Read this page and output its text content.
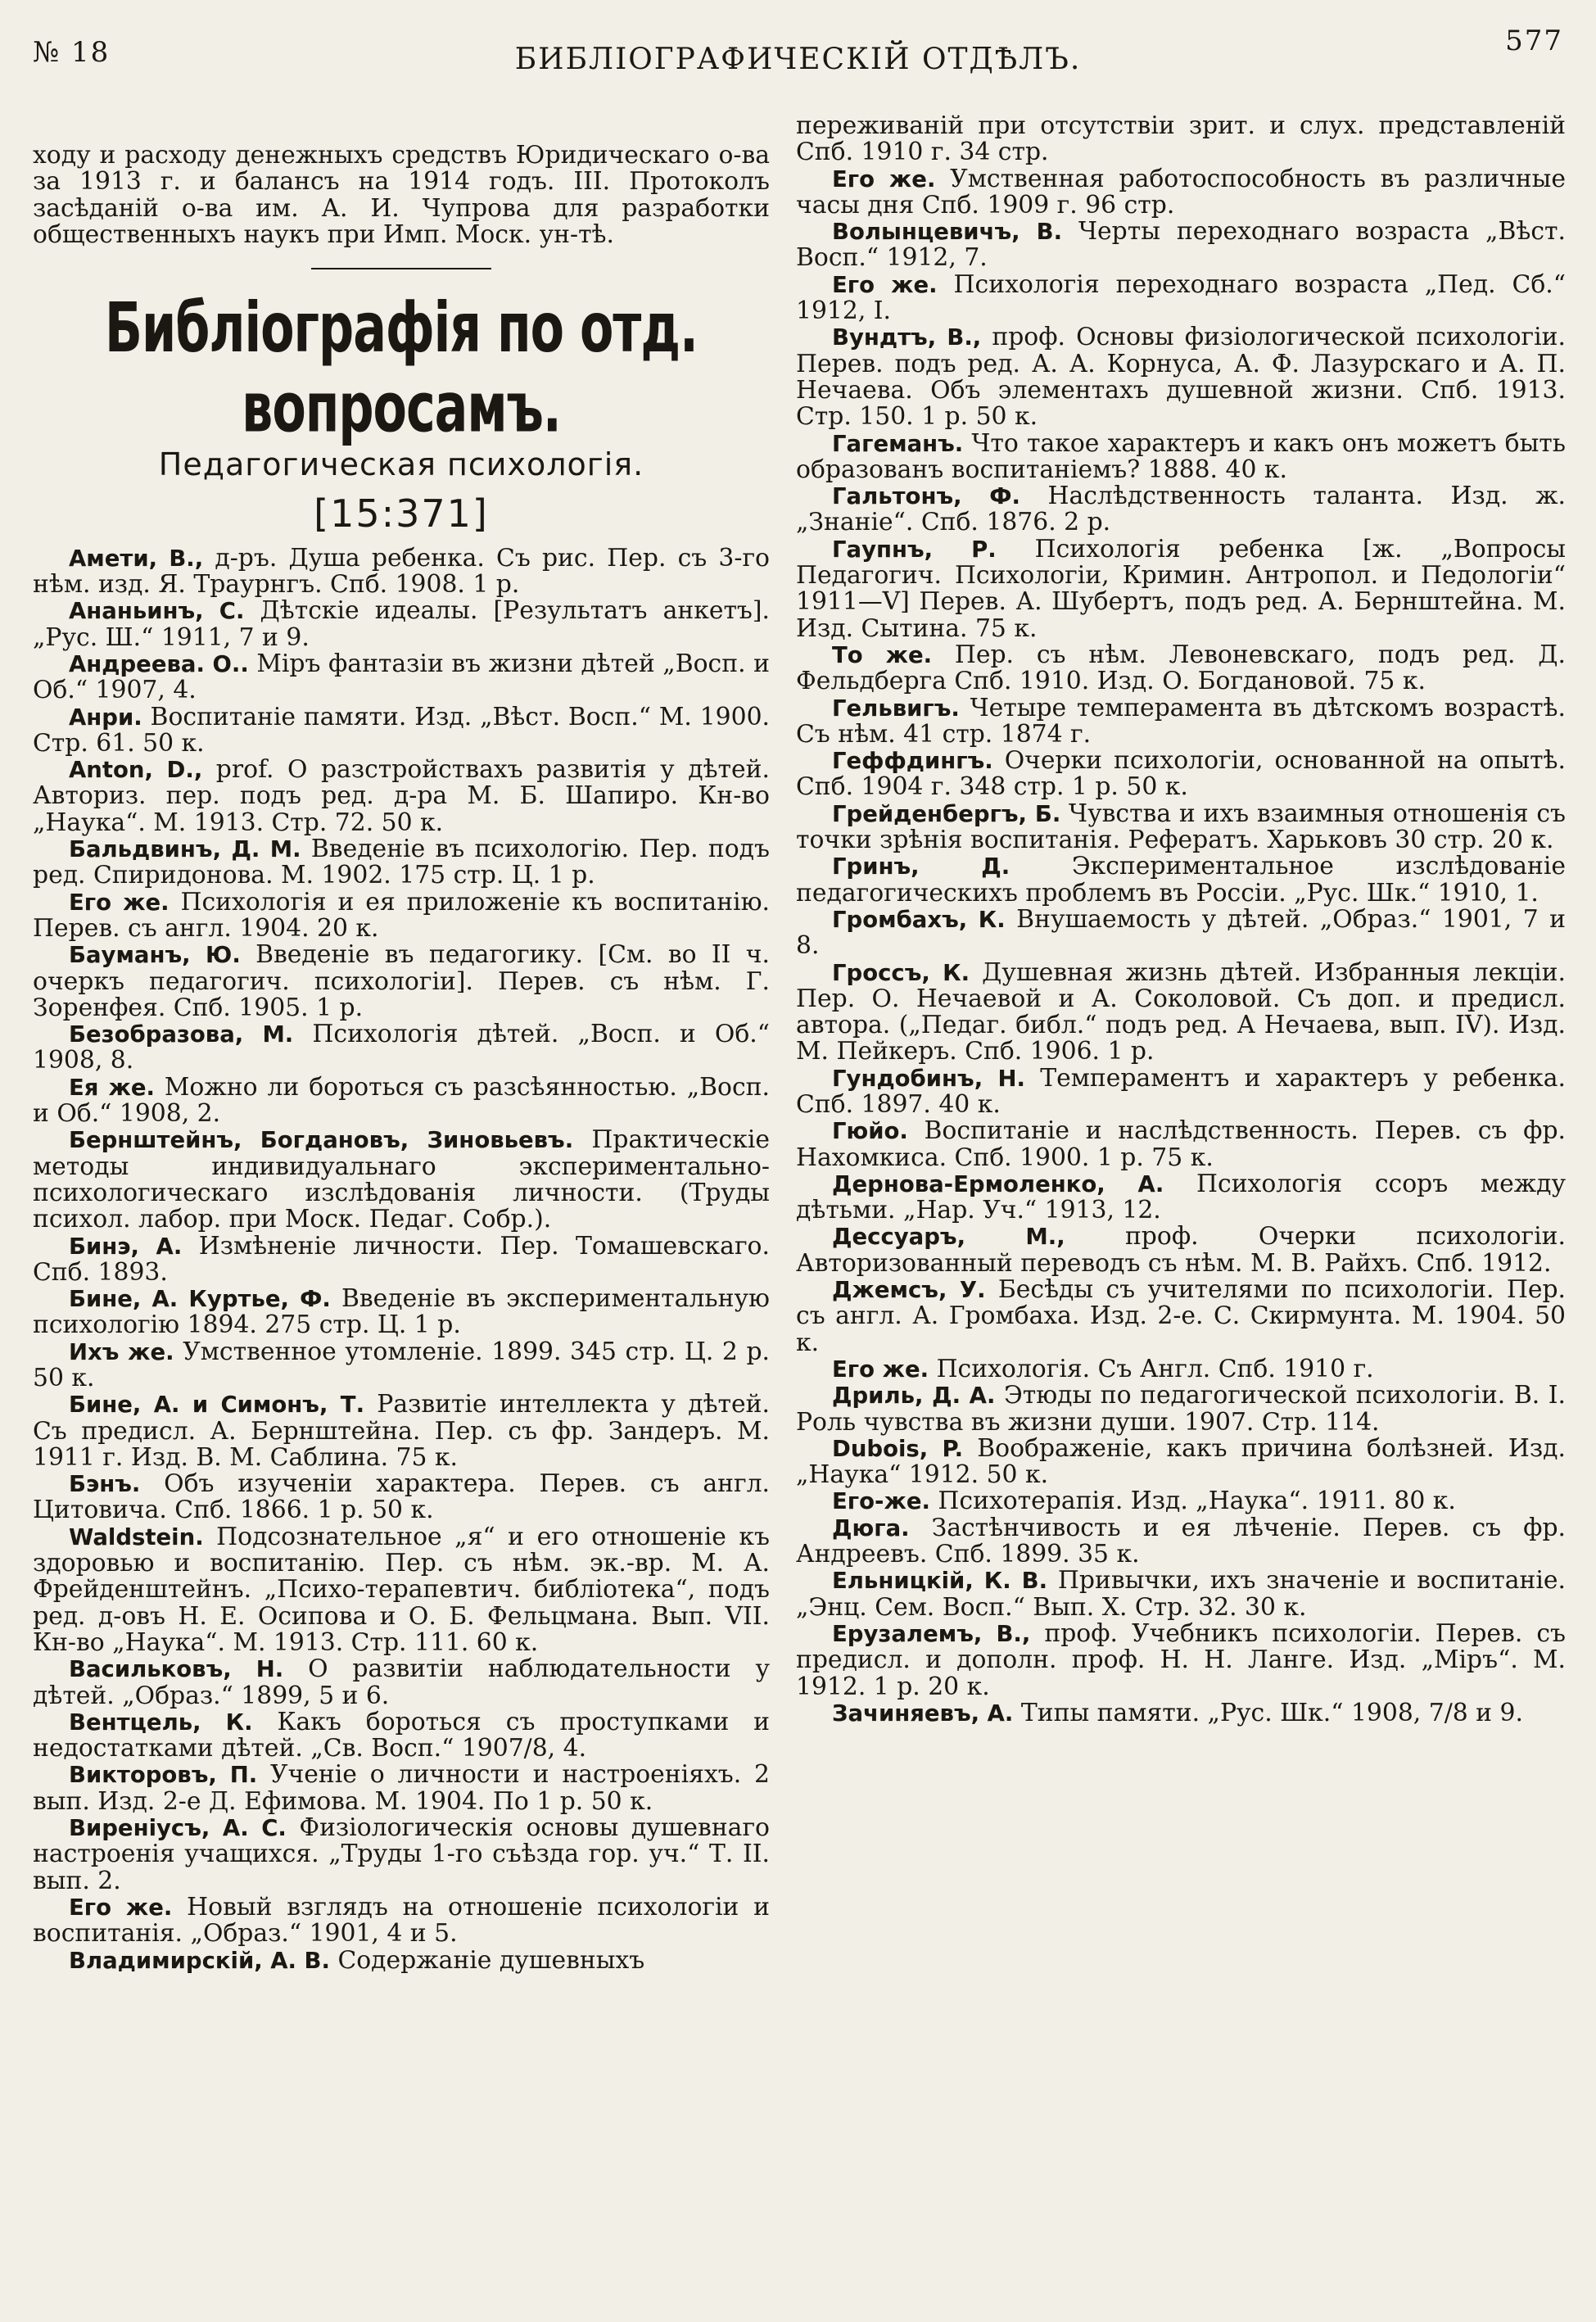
№ 18	БИБЛІОГРАФИЧЕСКІЙ ОТДѢЛЪ.
577

ходу и расходу денежныхъ средствъ Юридическаго о-ва за 1913 г. и балансъ на 1914 годъ. III. Протоколъ засѣданій о-ва им. А. И. Чупрова для разработки общественныхъ наукъ при Имп. Моск. ун-тѣ.

Библіографія по отд. вопросамъ.
Педагогическая психологія.
[15:371]

Амети, В., д-ръ. Душа ребенка. Съ рис. Пер. съ 3-го нѣм. изд. Я. Траурнгъ. Спб. 1908. 1 р.

Ананьинъ, С. Дѣтскіе идеалы. [Результатъ анкетъ]. „Рус. Ш.“ 1911, 7 и 9.

Андреева. О.. Міръ фантазіи въ жизни дѣтей „Восп. и Об.“ 1907, 4.

Анри. Воспитаніе памяти. Изд. „Вѣст. Восп.“ М. 1900. Стр. 61. 50 к.

Anton, D., prof. О разстройствахъ развитія у дѣтей. Авториз. пер. подъ ред. д-ра М. Б. Шапиро. Кн-во „Наука“. М. 1913. Стр. 72. 50 к.

Бальдвинъ, Д. М. Введеніе въ психологію. Пер. подъ ред. Спиридонова. М. 1902. 175 стр. Ц. 1 р.

Его же. Психологія и ея приложеніе къ воспитанію. Перев. съ англ. 1904. 20 к.

Бауманъ, Ю. Введеніе въ педагогику. [См. во II ч. очеркъ педагогич. психологіи]. Перев. съ нѣм. Г. Зоренфея. Спб. 1905. 1 р.

Безобразова, М. Психологія дѣтей. „Восп. и Об.“ 1908, 8.

Ея же. Можно ли бороться съ разсѣянностью. „Восп. и Об.“ 1908, 2.

Бернштейнъ, Богдановъ, Зиновьевъ. Практическіе методы индивидуальнаго экспериментально-психологическаго изслѣдованія личности. (Труды психол. лабор. при Моск. Педаг. Собр.).

Бинэ, А. Измѣненіе личности. Пер. Томашевскаго. Спб. 1893.

Бине, А. Куртье, Ф. Введеніе въ экспериментальную психологію 1894. 275 стр. Ц. 1 р.

Ихъ же. Умственное утомленіе. 1899. 345 стр. Ц. 2 р. 50 к.

Бине, А. и Симонъ, Т. Развитіе интеллекта у дѣтей. Съ предисл. А. Бернштейна. Пер. съ фр. Зандеръ. М. 1911 г. Изд. В. М. Саблина. 75 к.

Бэнъ. Объ изученіи характера. Перев. съ англ. Цитовича. Спб. 1866. 1 р. 50 к.

Waldstein. Подсознательное „я“ и его отношеніе къ здоровью и воспитанію. Пер. съ нѣм. эк.-вр. М. А. Фрейденштейнъ. „Психо-терапевтич. библіотека“, подъ ред. д-овъ Н. Е. Осипова и О. Б. Фельцмана. Вып. VII. Кн-во „Наука“. М. 1913. Стр. 111. 60 к.

Васильковъ, Н. О развитіи наблюдательности у дѣтей. „Образ.“ 1899, 5 и 6.

Вентцель, К. Какъ бороться съ проступками и недостатками дѣтей. „Св. Восп.“ 1907/8, 4.

Викторовъ, П. Ученіе о личности и настроеніяхъ. 2 вып. Изд. 2-е Д. Ефимова. М. 1904. По 1 р. 50 к.

Виреніусъ, А. С. Физіологическія основы душевнаго настроенія учащихся. „Труды 1-го съѣзда гор. уч.“ Т. II. вып. 2.

Его же. Новый взглядъ на отношеніе психологіи и воспитанія. „Образ.“ 1901, 4 и 5.

Владимирскій, А. В. Содержаніе душевныхъ

переживаній при отсутствіи зрит. и слух. представленій Спб. 1910 г. 34 стр.

Его же. Умственная работоспособность въ различные часы дня Спб. 1909 г. 96 стр.

Волынцевичъ, В. Черты переходнаго возраста „Вѣст. Восп.“ 1912, 7.

Его же. Психологія переходнаго возраста „Пед. Сб.“ 1912, I.

Вундтъ, В., проф. Основы физіологической психологіи. Перев. подъ ред. А. А. Корнуса, А. Ф. Лазурскаго и А. П. Нечаева. Объ элементахъ душевной жизни. Спб. 1913. Стр. 150. 1 р. 50 к.

Гагеманъ. Что такое характеръ и какъ онъ можетъ быть образованъ воспитаніемъ? 1888. 40 к.

Гальтонъ, Ф. Наслѣдственность таланта. Изд. ж. „Знаніе“. Спб. 1876. 2 р.

Гаупнъ, Р. Психологія ребенка [ж. „Вопросы Педагогич. Психологіи, Кримин. Антропол. и Педологіи“ 1911—V] Перев. А. Шубертъ, подъ ред. А. Бернштейна. М. Изд. Сытина. 75 к.

То же. Пер. съ нѣм. Левоневскаго, подъ ред. Д. Фельдберга Спб. 1910. Изд. О. Богдановой. 75 к.

Гельвигъ. Четыре темперамента въ дѣтскомъ возрастѣ. Съ нѣм. 41 стр. 1874 г.

Геффдингъ. Очерки психологіи, основанной на опытѣ. Спб. 1904 г. 348 стр. 1 р. 50 к.

Грейденбергъ, Б. Чувства и ихъ взаимныя отношенія съ точки зрѣнія воспитанія. Рефератъ. Харьковъ 30 стр. 20 к.

Гринъ, Д. Экспериментальное изслѣдованіе педагогическихъ проблемъ въ Россіи. „Рус. Шк.“ 1910, 1.

Громбахъ, К. Внушаемость у дѣтей. „Образ.“ 1901, 7 и 8.

Гроссъ, К. Душевная жизнь дѣтей. Избранныя лекціи. Пер. О. Нечаевой и А. Соколовой. Съ доп. и предисл. автора. („Педаг. библ.“ подъ ред. А Нечаева, вып. IV). Изд. М. Пейкеръ. Спб. 1906. 1 р.

Гундобинъ, Н. Темпераментъ и характеръ у ребенка. Спб. 1897. 40 к.

Гюйо. Воспитаніе и наслѣдственность. Перев. съ фр. Нахомкиса. Спб. 1900. 1 р. 75 к.

Дернова-Ермоленко, А. Психологія ссоръ между дѣтьми. „Нар. Уч.“ 1913, 12.

Дессуаръ, М., проф. Очерки психологіи. Авторизованный переводъ съ нѣм. М. В. Райхъ. Спб. 1912.

Джемсъ, У. Бесѣды съ учителями по психологіи. Пер. съ англ. А. Громбаха. Изд. 2-е. С. Скирмунта. М. 1904. 50 к.

Его же. Психологія. Съ Англ. Спб. 1910 г.

Дриль, Д. А. Этюды по педагогической психологіи. В. I. Роль чувства въ жизни души. 1907. Стр. 114.

Dubois, P. Воображеніе, какъ причина болѣзней. Изд. „Наука“ 1912. 50 к.

Его-же. Психотерапія. Изд. „Наука“. 1911. 80 к.

Дюга. Застѣнчивость и ея лѣченіе. Перев. съ фр. Андреевъ. Спб. 1899. 35 к.

Ельницкій, К. В. Привычки, ихъ значеніе и воспитаніе. „Энц. Сем. Восп.“ Вып. X. Стр. 32. 30 к.

Ерузалемъ, В., проф. Учебникъ психологіи. Перев. съ предисл. и дополн. проф. Н. Н. Ланге. Изд. „Міръ“. М. 1912. 1 р. 20 к.

Зачиняевъ, А. Типы памяти. „Рус. Шк.“ 1908, 7/8 и 9.
